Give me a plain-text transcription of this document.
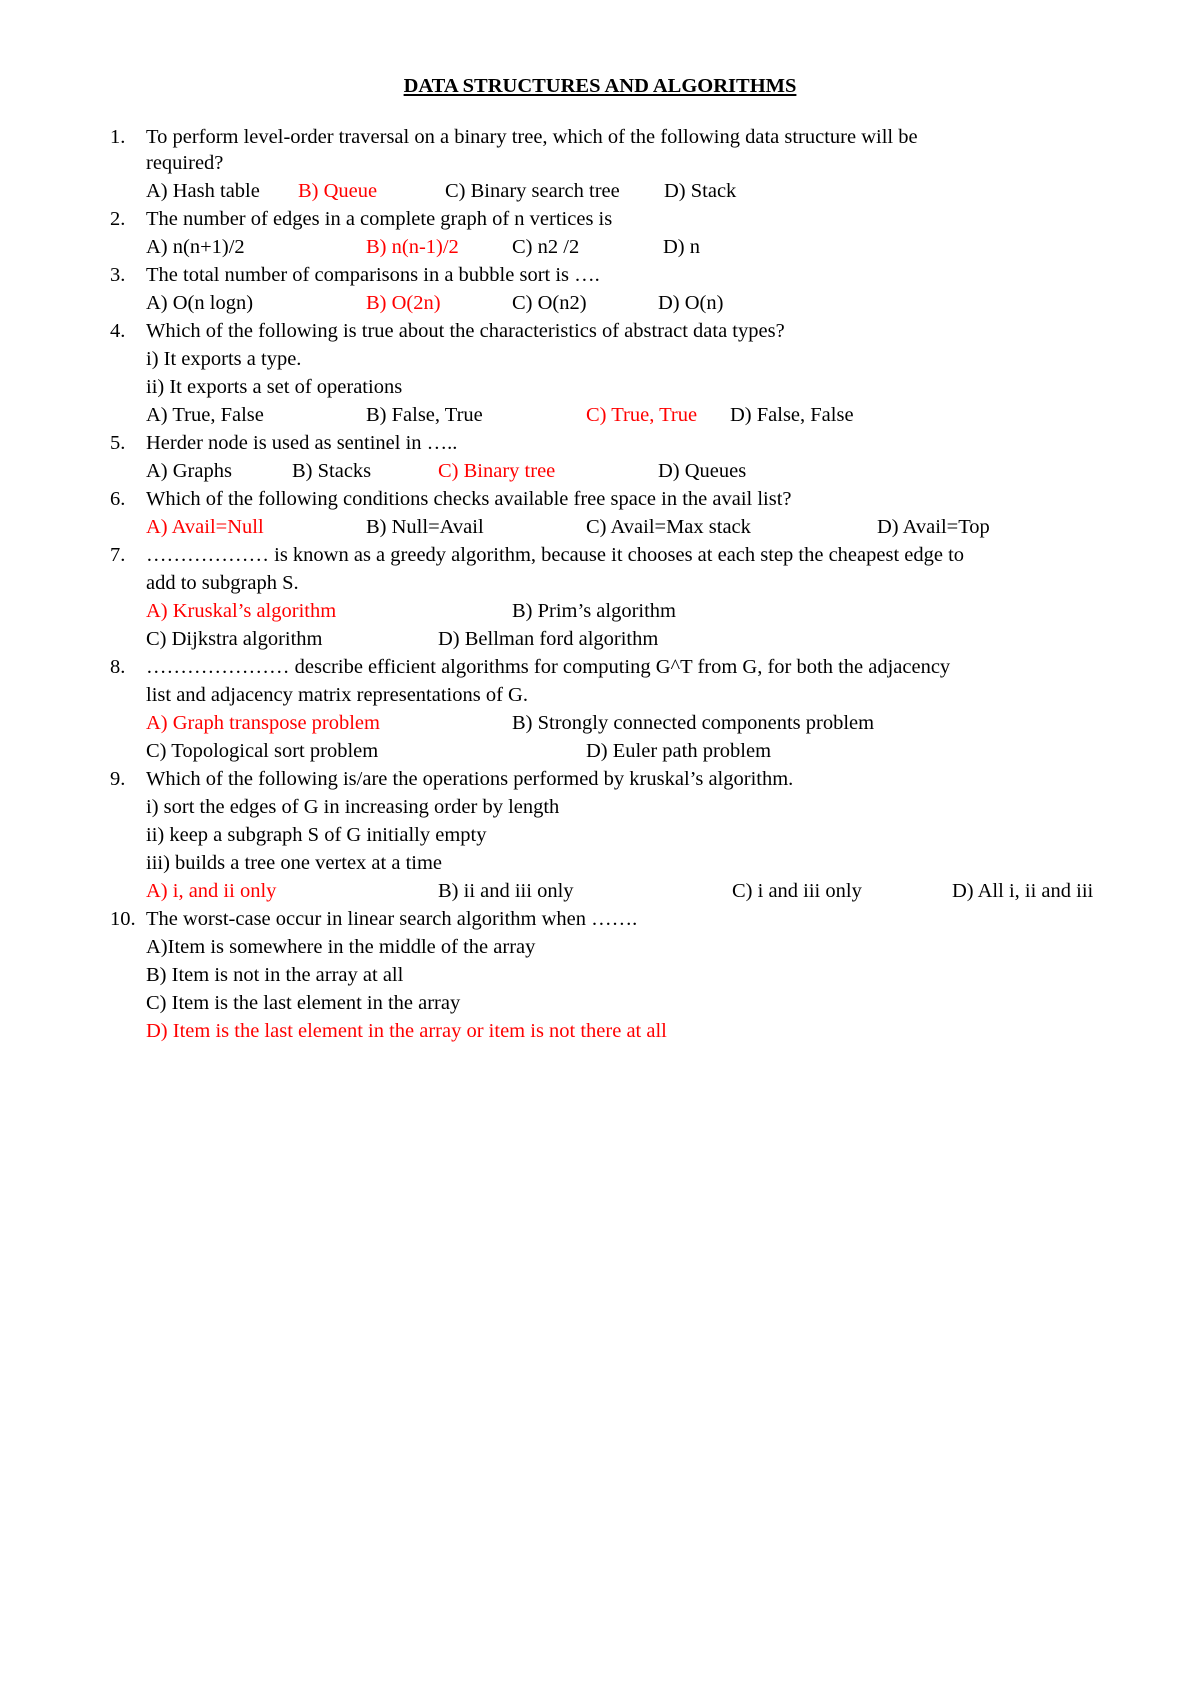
DATA STRUCTURES AND ALGORITHMS
1. To perform level-order traversal on a binary tree, which of the following data structure will be
required?
A) Hash table B) Queue	C) Binary search tree D) Stack
2. The number of edges in a complete graph of n vertices is
A) n(n+1)/2	B) n(n-1)/2	C) n2 /2	D) n
3. The total number of comparisons in a bubble sort is ….
A) O(n logn)	B) O(2n)	C) O(n2)	D) O(n)
4. Which of the following is true about the characteristics of abstract data types?
i) It exports a type.
ii) It exports a set of operations
A) True, False	B) False, True	C) True, True D) False, False
5. Herder node is used as sentinel in …..
A) Graphs	B) Stacks	C) Binary tree	D) Queues
6. Which of the following conditions checks available free space in the avail list?
A) Avail=Null	B) Null=Avail	C) Avail=Max stack	D) Avail=Top
7. ……………… is known as a greedy algorithm, because it chooses at each step the cheapest edge to
add to subgraph S.
A) Kruskal’s algorithm	B) Prim’s algorithm
C) Dijkstra algorithm	D) Bellman ford algorithm
8. ………………… describe efficient algorithms for computing G^T from G, for both the adjacency
list and adjacency matrix representations of G.
A) Graph transpose problem	B) Strongly connected components problem
C) Topological sort problem	D) Euler path problem
9. Which of the following is/are the operations performed by kruskal’s algorithm.
i) sort the edges of G in increasing order by length
ii) keep a subgraph S of G initially empty
iii) builds a tree one vertex at a time
A) i, and ii only	B) ii and iii only	C) i and iii only	D) All i, ii and iii
10. The worst-case occur in linear search algorithm when …….
A)Item is somewhere in the middle of the array
B) Item is not in the array at all
C) Item is the last element in the array
D) Item is the last element in the array or item is not there at all
